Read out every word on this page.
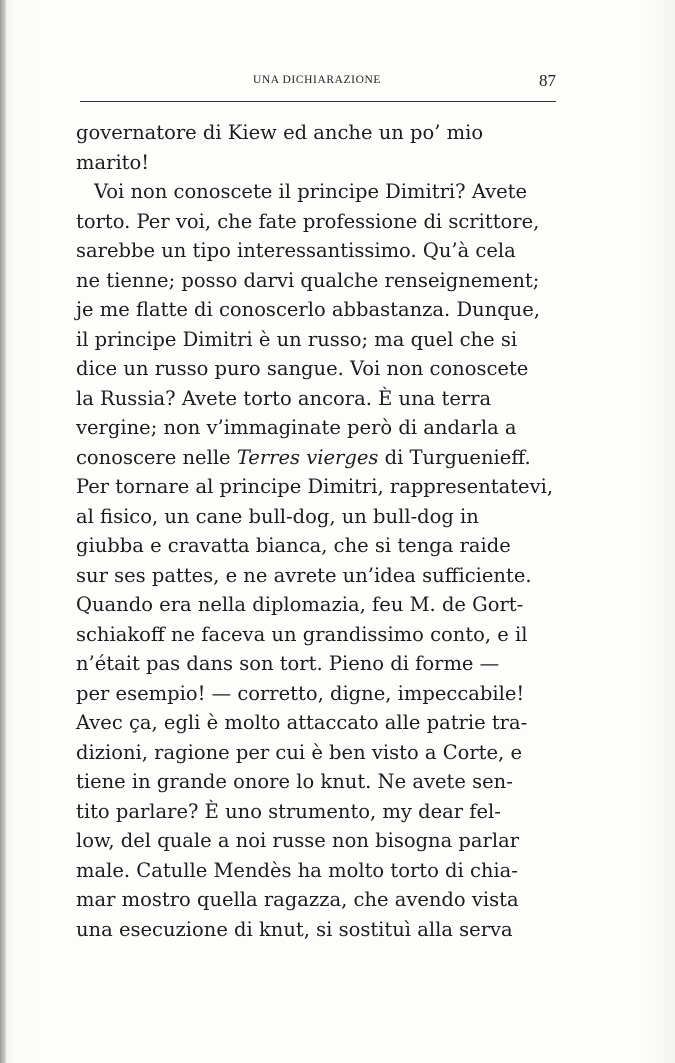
UNA DICHIARAZIONE	87
governatore di Kiew ed anche un po’ mio
marito!
Voi non conoscete il principe Dimitri? Avete
torto. Per voi, che fate professione di scrittore,
sarebbe un tipo interessantissimo. Qu’à cela
ne tienne; posso darvi qualche renseignement;
je me flatte di conoscerlo abbastanza. Dunque,
il principe Dimitri è un russo; ma quel che si
dice un russo puro sangue. Voi non conoscete
la Russia? Avete torto ancora. È una terra
vergine; non v’immaginate però di andarla a
conoscere nelle Terres vierges di Turguenieff.
Per tornare al principe Dimitri, rappresentatevi,
al fisico, un cane bull-dog, un bull-dog in
giubba e cravatta bianca, che si tenga raide
sur ses pattes, e ne avrete un’idea sufficiente.
Quando era nella diplomazia, feu M. de Gort-
schiakoff ne faceva un grandissimo conto, e il
n’était pas dans son tort. Pieno di forme —
per esempio! — corretto, digne, impeccabile!
Avec ça, egli è molto attaccato alle patrie tra-
dizioni, ragione per cui è ben visto a Corte, e
tiene in grande onore lo knut. Ne avete sen-
tito parlare? È uno strumento, my dear fel-
low, del quale a noi russe non bisogna parlar
male. Catulle Mendès ha molto torto di chia-
mar mostro quella ragazza, che avendo vista
una esecuzione di knut, si sostituì alla serva
